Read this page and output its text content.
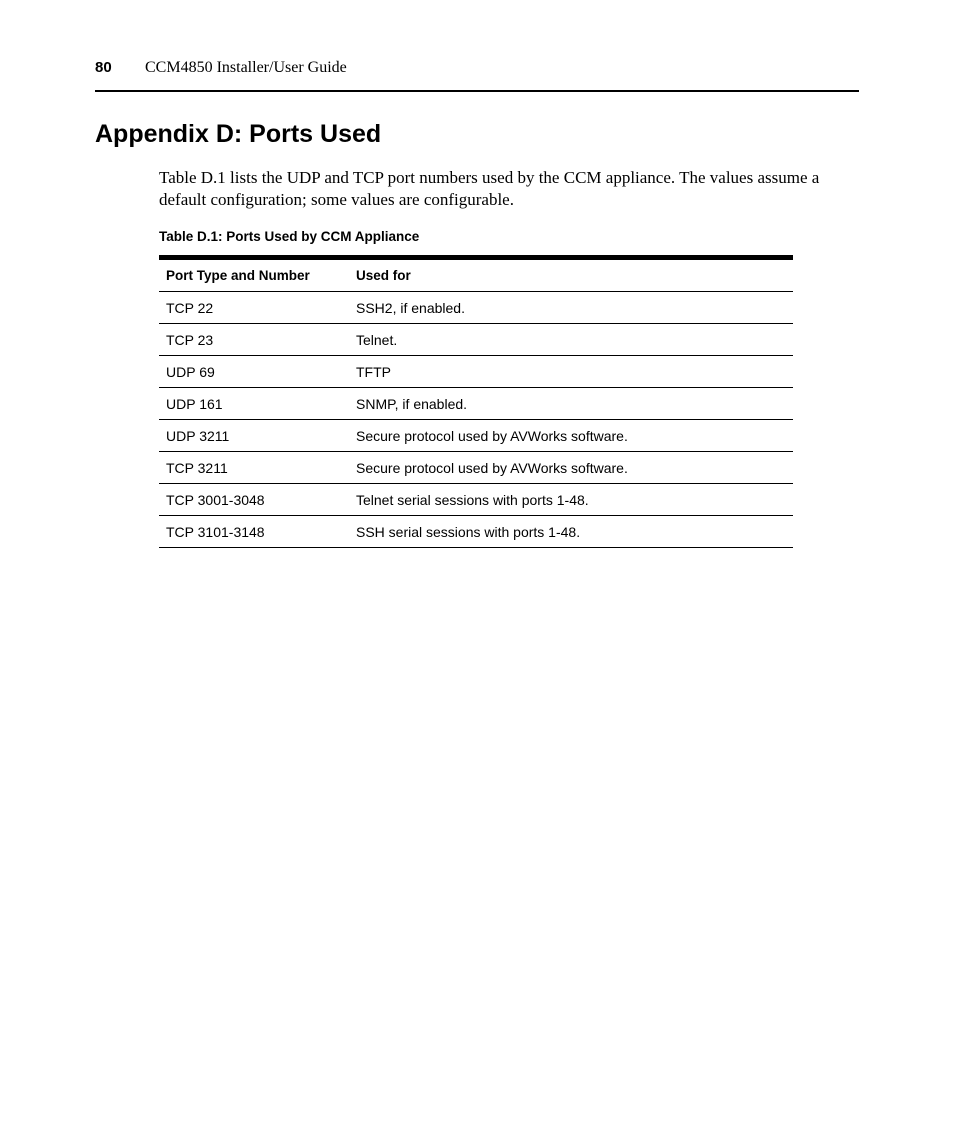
80 CCM4850 Installer/User Guide
Appendix D: Ports Used

Table D.1 lists the UDP and TCP port numbers used by the CCM appliance. The values assume a default configuration; some values are configurable.

Table D.1: Ports Used by CCM Appliance
Port Type and Number	Used for
TCP 22	SSH2, if enabled.
TCP 23	Telnet.
UDP 69	TFTP
UDP 161	SNMP, if enabled.
UDP 3211	Secure protocol used by AVWorks software.
TCP 3211	Secure protocol used by AVWorks software.
TCP 3001-3048	Telnet serial sessions with ports 1-48.
TCP 3101-3148	SSH serial sessions with ports 1-48.
